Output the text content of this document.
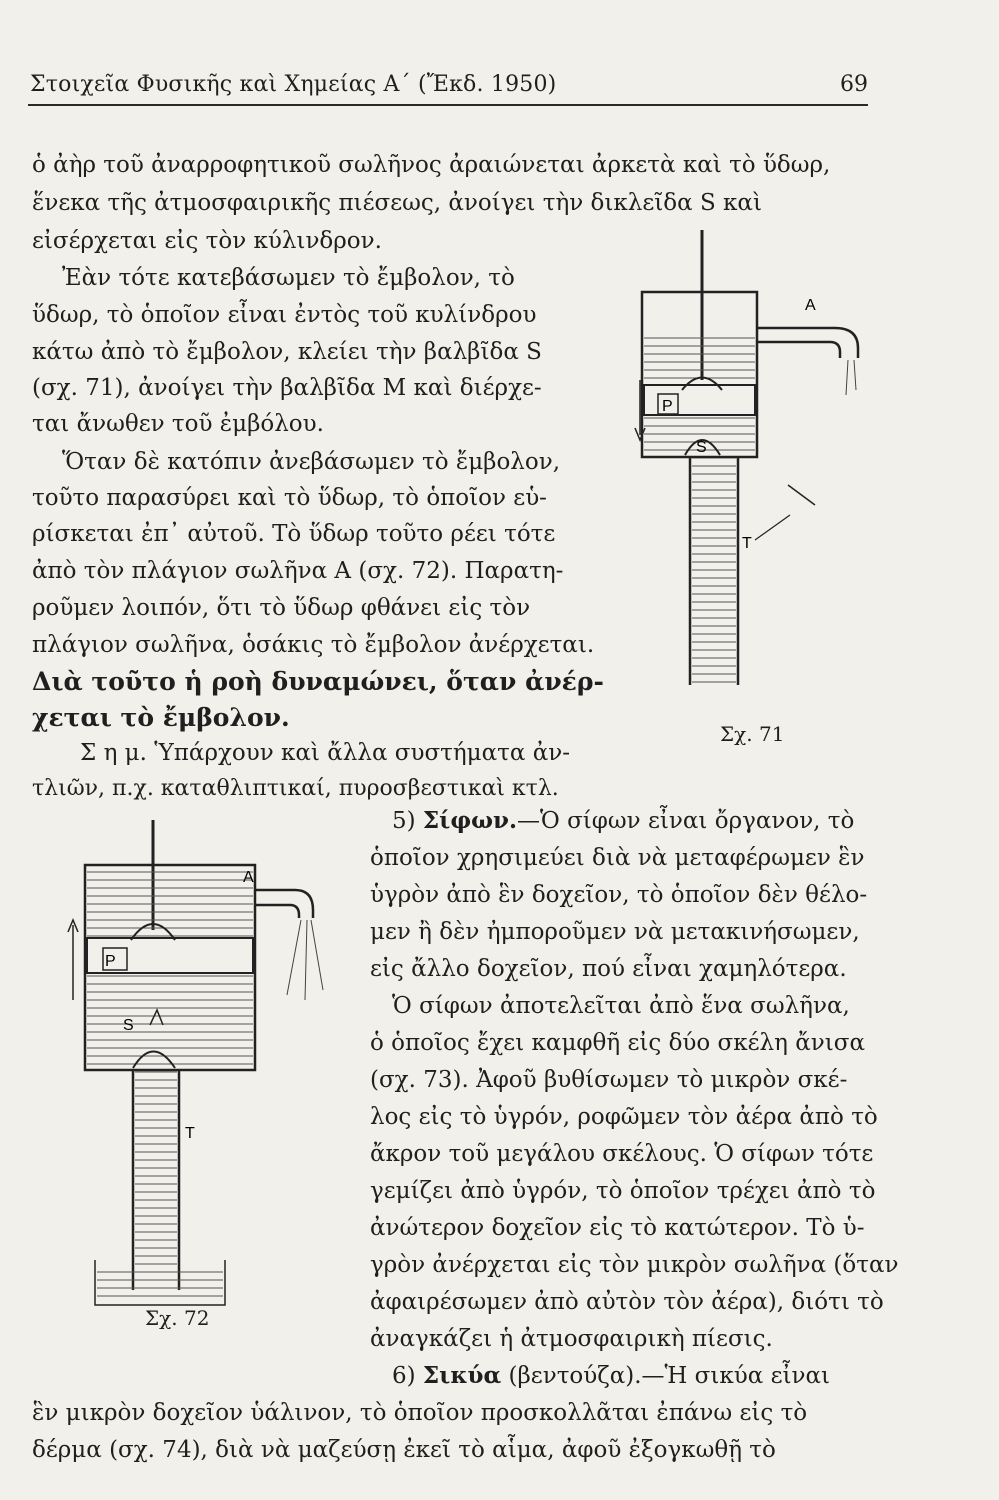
Στοιχεῖα Φυσικῆς καὶ Χημείας Α΄ (Ἔκδ. 1950)	69
ὁ ἀὴρ τοῦ ἀναρροφητικοῦ σωλῆνος ἀραιώνεται ἀρκετὰ καὶ τὸ ὕδωρ,
ἕνεκα τῆς ἀτμοσφαιρικῆς πιέσεως, ἀνοίγει τὴν δικλεῖδα S καὶ
εἰσέρχεται εἰς τὸν κύλινδρον.
Ἐὰν τότε κατεβάσωμεν τὸ ἔμβολον, τὸ
ὕδωρ, τὸ ὁποῖον εἶναι ἐντὸς τοῦ κυλίνδρου
κάτω ἀπὸ τὸ ἔμβολον, κλείει τὴν βαλβῖδα S
(σχ. 71), ἀνοίγει τὴν βαλβῖδα Μ καὶ διέρχε-
ται ἄνωθεν τοῦ ἐμβόλου.
Ὅταν δὲ κατόπιν ἀνεβάσωμεν τὸ ἔμβολον,
τοῦτο παρασύρει καὶ τὸ ὕδωρ, τὸ ὁποῖον εὑ-
ρίσκεται ἐπ᾿ αὐτοῦ. Τὸ ὕδωρ τοῦτο ρέει τότε
ἀπὸ τὸν πλάγιον σωλῆνα Α (σχ. 72). Παρατη-
ροῦμεν λοιπόν, ὅτι τὸ ὕδωρ φθάνει εἰς τὸν
πλάγιον σωλῆνα, ὁσάκις τὸ ἔμβολον ἀνέρχεται.
Διὰ τοῦτο ἡ ροὴ δυναμώνει, ὅταν ἀνέρ-
χεται τὸ ἔμβολον.
Σ η μ. Ὑπάρχουν καὶ ἄλλα συστήματα ἀν-
τλιῶν, π.χ. καταθλιπτικαί, πυροσβεστικαὶ κτλ.
5) Σίφων.—Ὁ σίφων εἶναι ὄργανον, τὸ
ὁποῖον χρησιμεύει διὰ νὰ μεταφέρωμεν ἓν
ὑγρὸν ἀπὸ ἓν δοχεῖον, τὸ ὁποῖον δὲν θέλο-
μεν ἢ δὲν ἠμποροῦμεν νὰ μετακινήσωμεν,
εἰς ἄλλο δοχεῖον, πού εἶναι χαμηλότερα.
Ὁ σίφων ἀποτελεῖται ἀπὸ ἕνα σωλῆνα,
ὁ ὁποῖος ἔχει καμφθῆ εἰς δύο σκέλη ἄνισα
(σχ. 73). Ἀφοῦ βυθίσωμεν τὸ μικρὸν σκέ-
λος εἰς τὸ ὑγρόν, ροφῶμεν τὸν ἀέρα ἀπὸ τὸ
ἄκρον τοῦ μεγάλου σκέλους. Ὁ σίφων τότε
γεμίζει ἀπὸ ὑγρόν, τὸ ὁποῖον τρέχει ἀπὸ τὸ
ἀνώτερον δοχεῖον εἰς τὸ κατώτερον. Τὸ ὑ-
γρὸν ἀνέρχεται εἰς τὸν μικρὸν σωλῆνα (ὅταν
ἀφαιρέσωμεν ἀπὸ αὐτὸν τὸν ἀέρα), διότι τὸ
ἀναγκάζει ἡ ἀτμοσφαιρικὴ πίεσις.
6) Σικύα (βεντούζα).—Ἡ σικύα εἶναι
ἓν μικρὸν δοχεῖον ὑάλινον, τὸ ὁποῖον προσκολλᾶται ἐπάνω εἰς τὸ
δέρμα (σχ. 74), διὰ νὰ μαζεύσῃ ἐκεῖ τὸ αἷμα, ἀφοῦ ἐξογκωθῇ τὸ
A
P
S
T
Σχ. 71
A
P
S
T
Σχ. 72
